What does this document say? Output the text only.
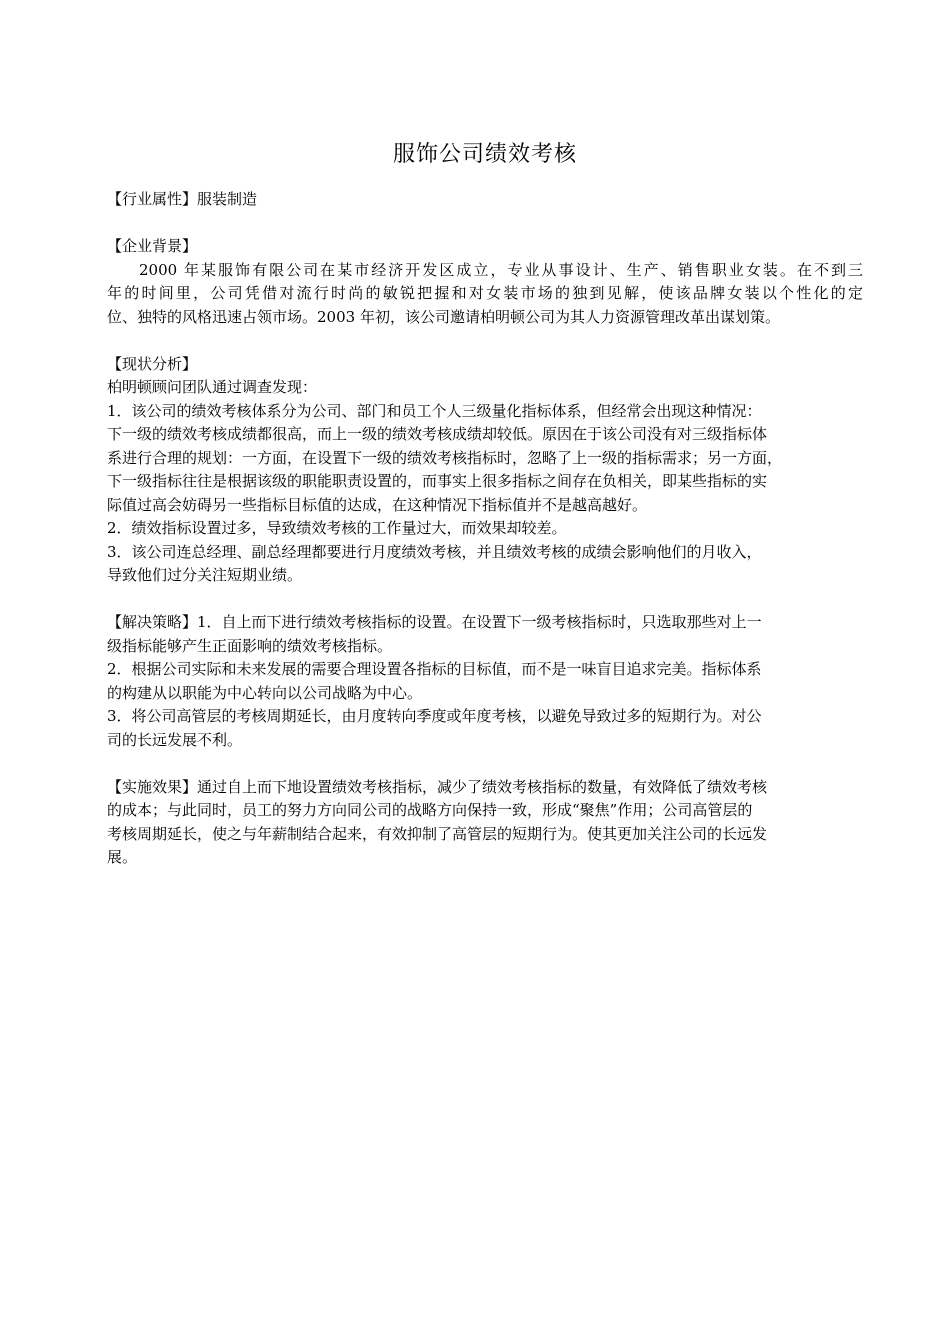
服饰公司绩效考核

【行业属性】服装制造

【企业背景】

2000 年某服饰有限公司在某市经济开发区成立，专业从事设计、生产、销售职业女装。在不到三

年的时间里，公司凭借对流行时尚的敏锐把握和对女装市场的独到见解，使该品牌女装以个性化的定

位、独特的风格迅速占领市场。2003 年初，该公司邀请柏明顿公司为其人力资源管理改革出谋划策。

【现状分析】

柏明顿顾问团队通过调查发现：

1．该公司的绩效考核体系分为公司、部门和员工个人三级量化指标体系，但经常会出现这种情况：

下一级的绩效考核成绩都很高，而上一级的绩效考核成绩却较低。原因在于该公司没有对三级指标体

系进行合理的规划：一方面，在设置下一级的绩效考核指标时，忽略了上一级的指标需求；另一方面，

下一级指标往往是根据该级的职能职责设置的，而事实上很多指标之间存在负相关，即某些指标的实

际值过高会妨碍另一些指标目标值的达成，在这种情况下指标值并不是越高越好。

2．绩效指标设置过多，导致绩效考核的工作量过大，而效果却较差。

3．该公司连总经理、副总经理都要进行月度绩效考核，并且绩效考核的成绩会影响他们的月收入，

导致他们过分关注短期业绩。

【解决策略】1．自上而下进行绩效考核指标的设置。在设置下一级考核指标时，只选取那些对上一

级指标能够产生正面影响的绩效考核指标。

2．根据公司实际和未来发展的需要合理设置各指标的目标值，而不是一味盲目追求完美。指标体系

的构建从以职能为中心转向以公司战略为中心。

3．将公司高管层的考核周期延长，由月度转向季度或年度考核，以避免导致过多的短期行为。对公

司的长远发展不利。

【实施效果】通过自上而下地设置绩效考核指标，减少了绩效考核指标的数量，有效降低了绩效考核

的成本；与此同时，员工的努力方向同公司的战略方向保持一致，形成“聚焦”作用；公司高管层的

考核周期延长，使之与年薪制结合起来，有效抑制了高管层的短期行为。使其更加关注公司的长远发

展。
